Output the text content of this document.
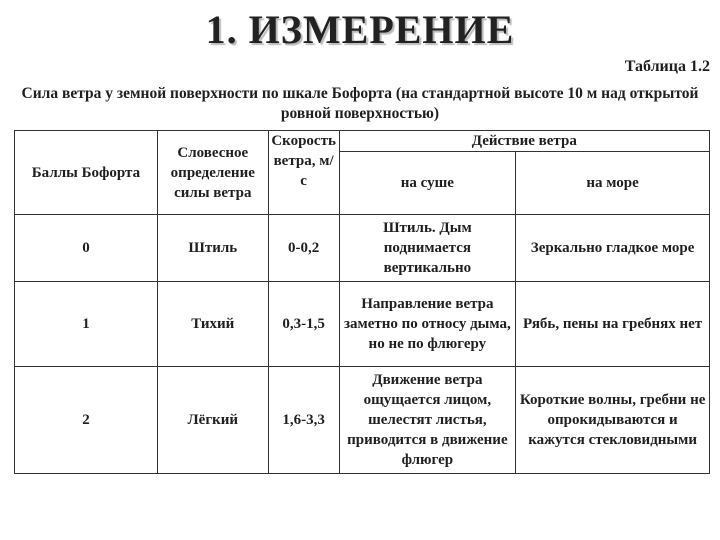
1. ИЗМЕРЕНИЕ
Таблица 1.2
Сила ветра у земной поверхности по шкале Бофорта (на стандартной высоте 10 м над открытой ровной поверхностью)
Баллы Бофорта	Словесное определение силы ветра	Скорость ветра, м/с	Действие ветра	
			на суше	на море
0	Штиль	0-0,2	Штиль. Дым поднимается вертикально	Зеркально гладкое море
1	Тихий	0,3-1,5	Направление ветра заметно по относу дыма, но не по флюгеру	Рябь, пены на гребнях нет
2	Лёгкий	1,6-3,3	Движение ветра ощущается лицом, шелестят листья, приводится в движение флюгер	Короткие волны, гребни не опрокидываются и кажутся стекловидными
